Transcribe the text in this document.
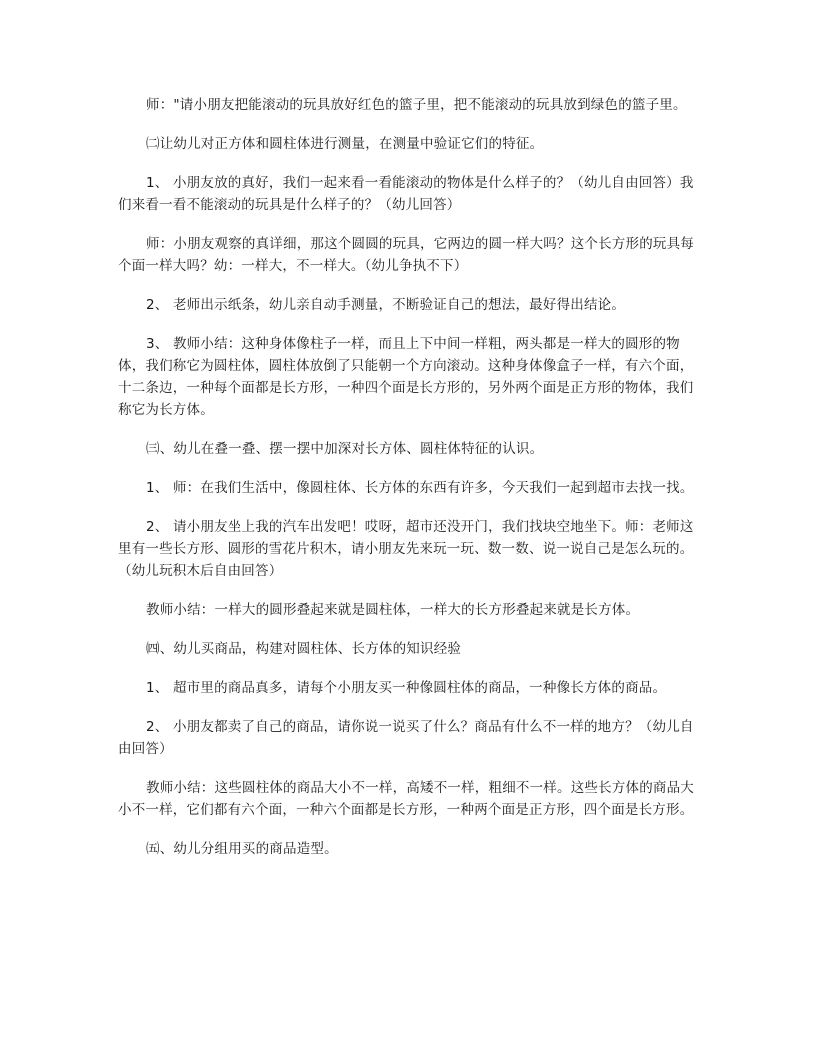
师："请小朋友把能滚动的玩具放好红色的篮子里，把不能滚动的玩具放到绿色的篮子里。

㈡让幼儿对正方体和圆柱体进行测量，在测量中验证它们的特征。

1、 小朋友放的真好，我们一起来看一看能滚动的物体是什么样子的？（幼儿自由回答）我们来看一看不能滚动的玩具是什么样子的？（幼儿回答）

师：小朋友观察的真详细，那这个圆圆的玩具，它两边的圆一样大吗？这个长方形的玩具每个面一样大吗？幼：一样大，不一样大。（幼儿争执不下）

2、 老师出示纸条，幼儿亲自动手测量，不断验证自己的想法，最好得出结论。

3、 教师小结：这种身体像柱子一样，而且上下中间一样粗，两头都是一样大的圆形的物体，我们称它为圆柱体，圆柱体放倒了只能朝一个方向滚动。这种身体像盒子一样，有六个面，十二条边，一种每个面都是长方形，一种四个面是长方形的，另外两个面是正方形的物体，我们称它为长方体。

㈢、幼儿在叠一叠、摆一摆中加深对长方体、圆柱体特征的认识。

1、 师：在我们生活中，像圆柱体、长方体的东西有许多，今天我们一起到超市去找一找。

2、 请小朋友坐上我的汽车出发吧！哎呀，超市还没开门，我们找块空地坐下。师：老师这里有一些长方形、圆形的雪花片积木，请小朋友先来玩一玩、数一数、说一说自己是怎么玩的。（幼儿玩积木后自由回答）

教师小结：一样大的圆形叠起来就是圆柱体，一样大的长方形叠起来就是长方体。

㈣、幼儿买商品，构建对圆柱体、长方体的知识经验

1、 超市里的商品真多，请每个小朋友买一种像圆柱体的商品，一种像长方体的商品。

2、 小朋友都卖了自己的商品，请你说一说买了什么？商品有什么不一样的地方？（幼儿自由回答）

教师小结：这些圆柱体的商品大小不一样，高矮不一样，粗细不一样。这些长方体的商品大小不一样，它们都有六个面，一种六个面都是长方形，一种两个面是正方形，四个面是长方形。

㈤、幼儿分组用买的商品造型。
